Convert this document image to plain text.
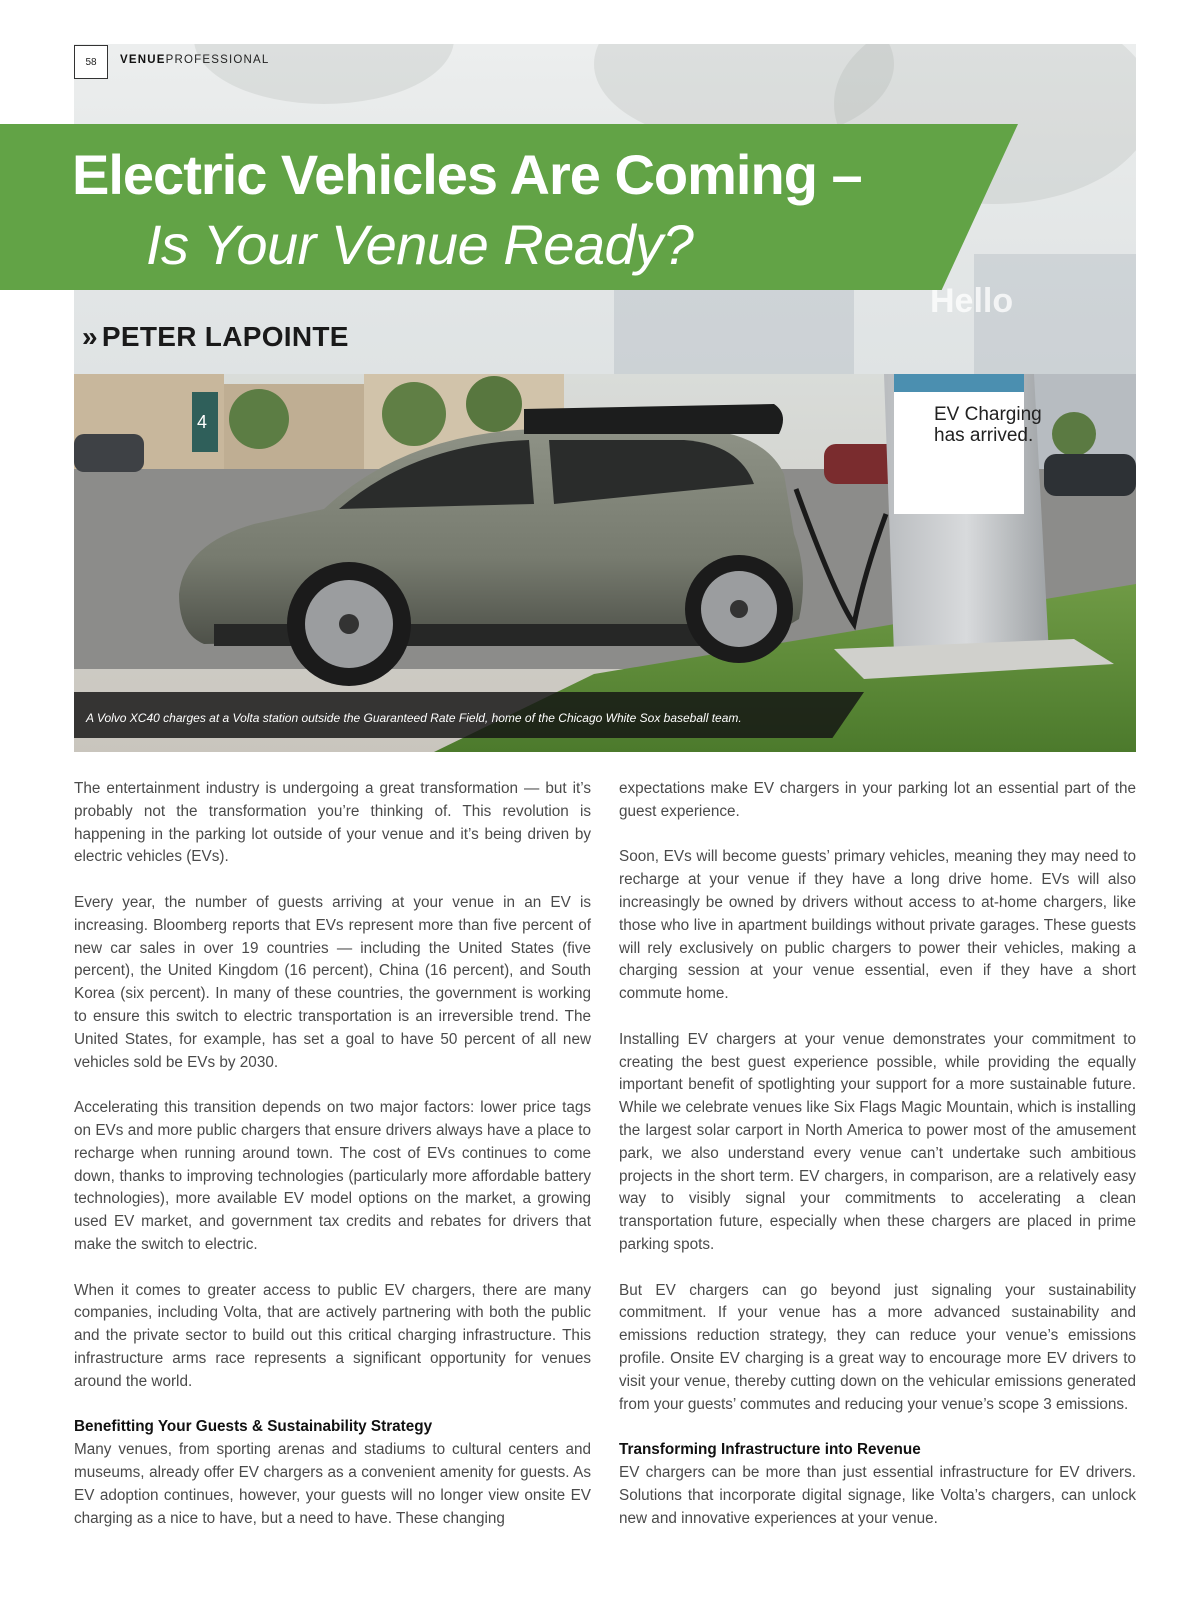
Hello
58	VENUEPROFESSIONAL
Electric Vehicles Are Coming –
Is Your Venue Ready?
» PETER LAPOINTE
4	EV Charging
has arrived.
A Volvo XC40 charges at a Volta station outside the Guaranteed Rate Field, home of the Chicago White Sox baseball team.

The entertainment industry is undergoing a great transformation — but it’s probably not the transformation you’re thinking of. This revolution is happening in the parking lot outside of your venue and it’s being driven by electric vehicles (EVs).

Every year, the number of guests arriving at your venue in an EV is increasing. Bloomberg reports that EVs represent more than five percent of new car sales in over 19 countries — including the United States (five percent), the United Kingdom (16 percent), China (16 percent), and South Korea (six percent). In many of these countries, the government is working to ensure this switch to electric transportation is an irreversible trend. The United States, for example, has set a goal to have 50 percent of all new vehicles sold be EVs by 2030.

Accelerating this transition depends on two major factors: lower price tags on EVs and more public chargers that ensure drivers always have a place to recharge when running around town. The cost of EVs continues to come down, thanks to improving technologies (particularly more affordable battery technologies), more available EV model options on the market, a growing used EV market, and government tax credits and rebates for drivers that make the switch to electric.

When it comes to greater access to public EV chargers, there are many companies, including Volta, that are actively partnering with both the public and the private sector to build out this critical charging infrastructure. This infrastructure arms race represents a significant opportunity for venues around the world.

Benefitting Your Guests & Sustainability Strategy

Many venues, from sporting arenas and stadiums to cultural centers and museums, already offer EV chargers as a convenient amenity for guests. As EV adoption continues, however, your guests will no longer view onsite EV charging as a nice to have, but a need to have. These changing

expectations make EV chargers in your parking lot an essential part of the guest experience.

Soon, EVs will become guests’ primary vehicles, meaning they may need to recharge at your venue if they have a long drive home. EVs will also increasingly be owned by drivers without access to at-home chargers, like those who live in apartment buildings without private garages. These guests will rely exclusively on public chargers to power their vehicles, making a charging session at your venue essential, even if they have a short commute home.

Installing EV chargers at your venue demonstrates your commitment to creating the best guest experience possible, while providing the equally important benefit of spotlighting your support for a more sustainable future. While we celebrate venues like Six Flags Magic Mountain, which is installing the largest solar carport in North America to power most of the amusement park, we also understand every venue can’t undertake such ambitious projects in the short term. EV chargers, in comparison, are a relatively easy way to visibly signal your commitments to accelerating a clean transportation future, especially when these chargers are placed in prime parking spots.

But EV chargers can go beyond just signaling your sustainability commitment. If your venue has a more advanced sustainability and emissions reduction strategy, they can reduce your venue’s emissions profile. Onsite EV charging is a great way to encourage more EV drivers to visit your venue, thereby cutting down on the vehicular emissions generated from your guests’ commutes and reducing your venue’s scope 3 emissions.

Transforming Infrastructure into Revenue

EV chargers can be more than just essential infrastructure for EV drivers. Solutions that incorporate digital signage, like Volta’s chargers, can unlock new and innovative experiences at your venue.
